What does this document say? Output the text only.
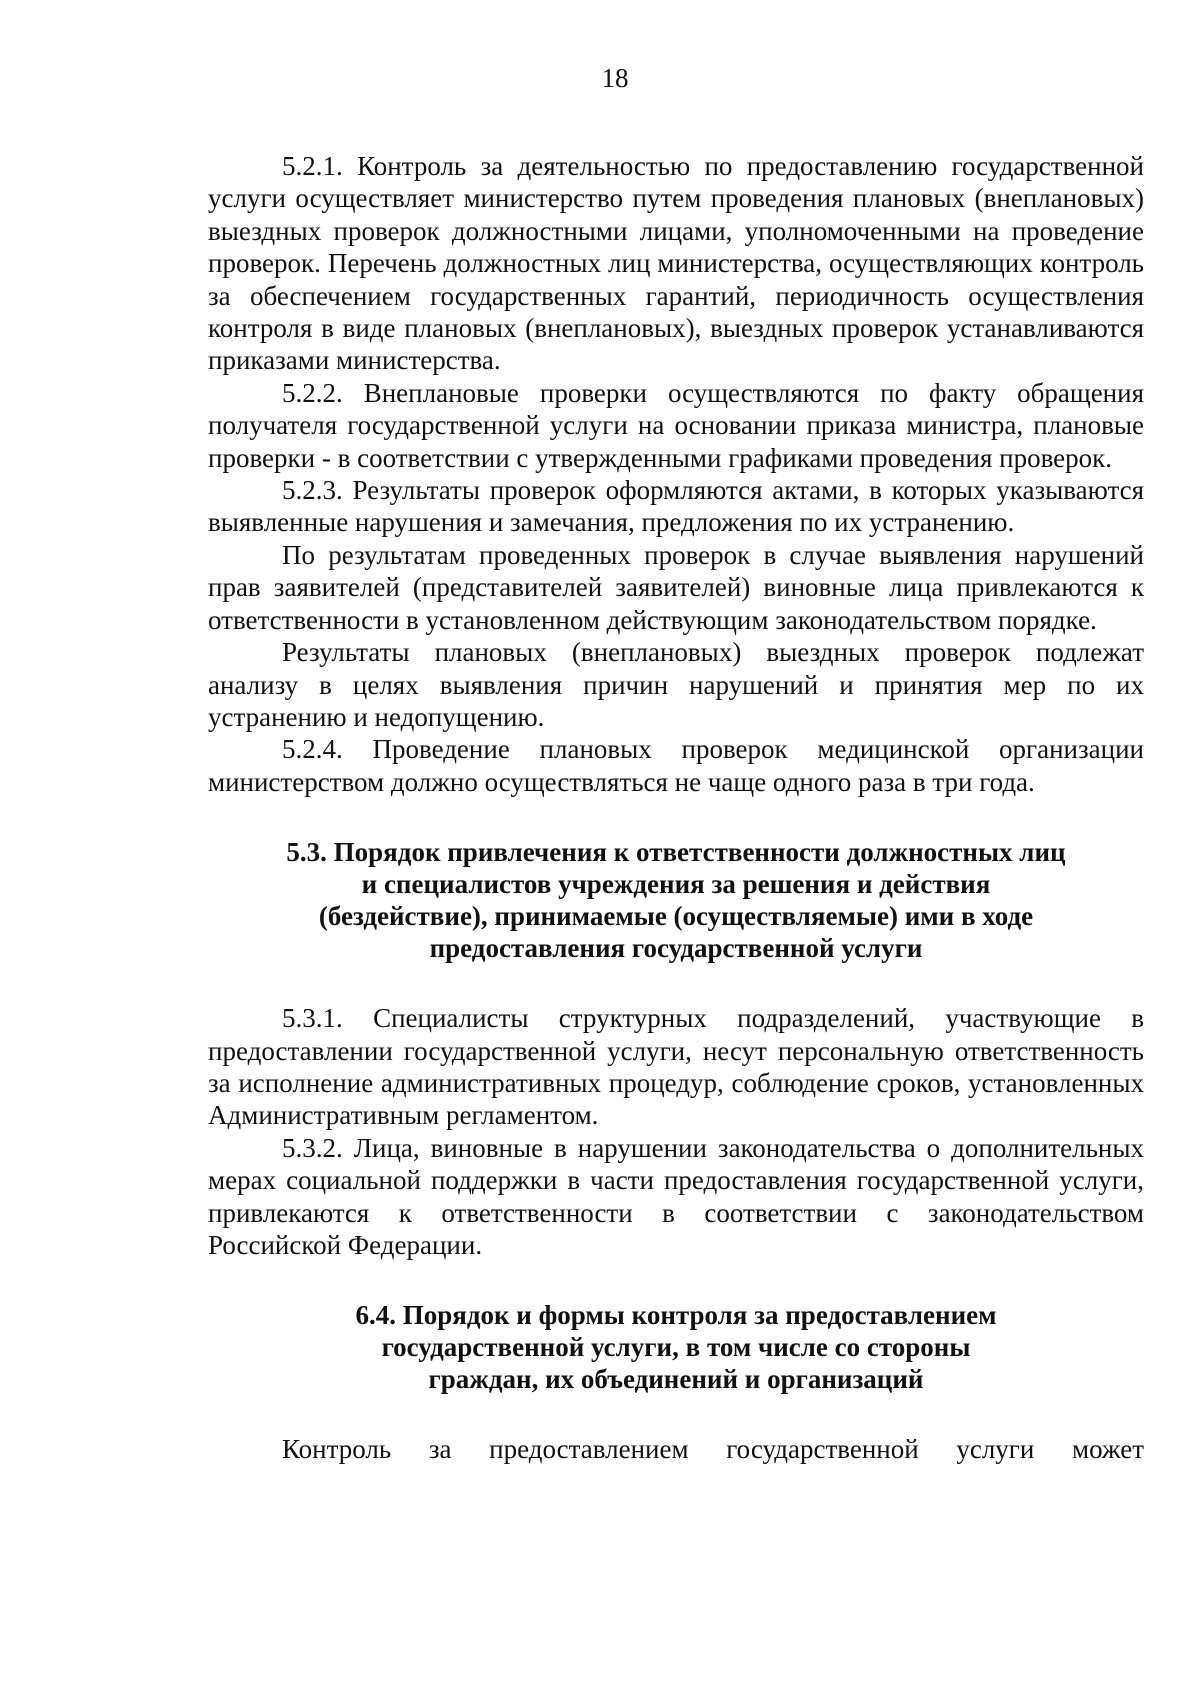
18

5.2.1. Контроль за деятельностью по предоставлению государственной услуги осуществляет министерство путем проведения плановых (внеплановых) выездных проверок должностными лицами, уполномоченными на проведение проверок. Перечень должностных лиц министерства, осуществляющих контроль за обеспечением государственных гарантий, периодичность осуществления контроля в виде плановых (внеплановых), выездных проверок устанавливаются приказами министерства.

5.2.2. Внеплановые проверки осуществляются по факту обращения получателя государственной услуги на основании приказа министра, плановые проверки - в соответствии с утвержденными графиками проведения проверок.

5.2.3. Результаты проверок оформляются актами, в которых указываются выявленные нарушения и замечания, предложения по их устранению.

По результатам проведенных проверок в случае выявления нарушений прав заявителей (представителей заявителей) виновные лица привлекаются к ответственности в установленном действующим законодательством порядке.

Результаты плановых (внеплановых) выездных проверок подлежат анализу в целях выявления причин нарушений и принятия мер по их устранению и недопущению.

5.2.4. Проведение плановых проверок медицинской организации министерством должно осуществляться не чаще одного раза в три года.

5.3. Порядок привлечения к ответственности должностных лиц
и специалистов учреждения за решения и действия
(бездействие), принимаемые (осуществляемые) ими в ходе
предоставления государственной услуги

5.3.1. Специалисты структурных подразделений, участвующие в предоставлении государственной услуги, несут персональную ответственность за исполнение административных процедур, соблюдение сроков, установленных Административным регламентом.

5.3.2. Лица, виновные в нарушении законодательства о дополнительных мерах социальной поддержки в части предоставления государственной услуги, привлекаются к ответственности в соответствии с законодательством Российской Федерации.

6.4. Порядок и формы контроля за предоставлением
государственной услуги, в том числе со стороны
граждан, их объединений и организаций

Контроль за предоставлением государственной услуги может
